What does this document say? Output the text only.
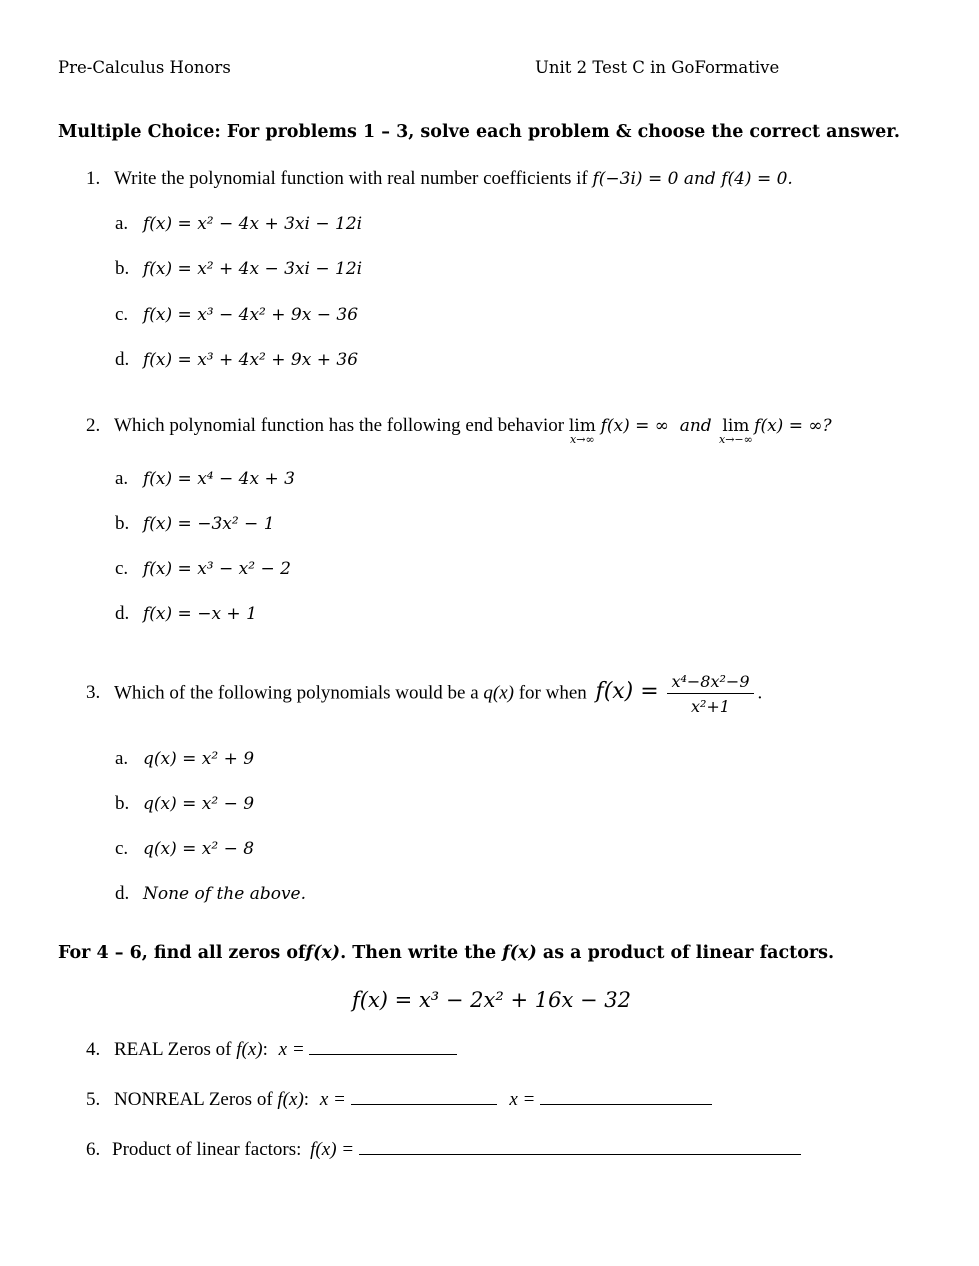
Pre-Calculus Honors	Unit 2 Test C in GoFormative
Multiple Choice: For problems 1 – 3, solve each problem & choose the correct answer.
1. Write the polynomial function with real number coefficients if f(−3i) = 0 and f(4) = 0.
a. f(x) = x² − 4x + 3xi − 12i
b. f(x) = x² + 4x − 3xi − 12i
c. f(x) = x³ − 4x² + 9x − 36
d. f(x) = x³ + 4x² + 9x + 36
2. Which polynomial function has the following end behavior lim
x→∞
f(x) = ∞ and lim
x→−∞
f(x) = ∞?
a. f(x) = x⁴ − 4x + 3
b. f(x) = −3x² − 1
c. f(x) = x³ − x² − 2
d. f(x) = −x + 1
3. Which of the following polynomials would be a q(x) for when $f(x) = \frac{\text{x⁴−8x²−9}}{\text{x²+1}}$ .
a. q(x) = x² + 9
b. q(x) = x² − 9
c. q(x) = x² − 8
d. None of the above.
For 4 – 6, find all zeros off(x). Then write the f(x) as a product of linear factors.
f(x) = x³ − 2x² + 16x − 32
4. REAL Zeros of f(x): x =
5. NONREAL Zeros of f(x): x =	x =
6. Product of linear factors: f(x) =
